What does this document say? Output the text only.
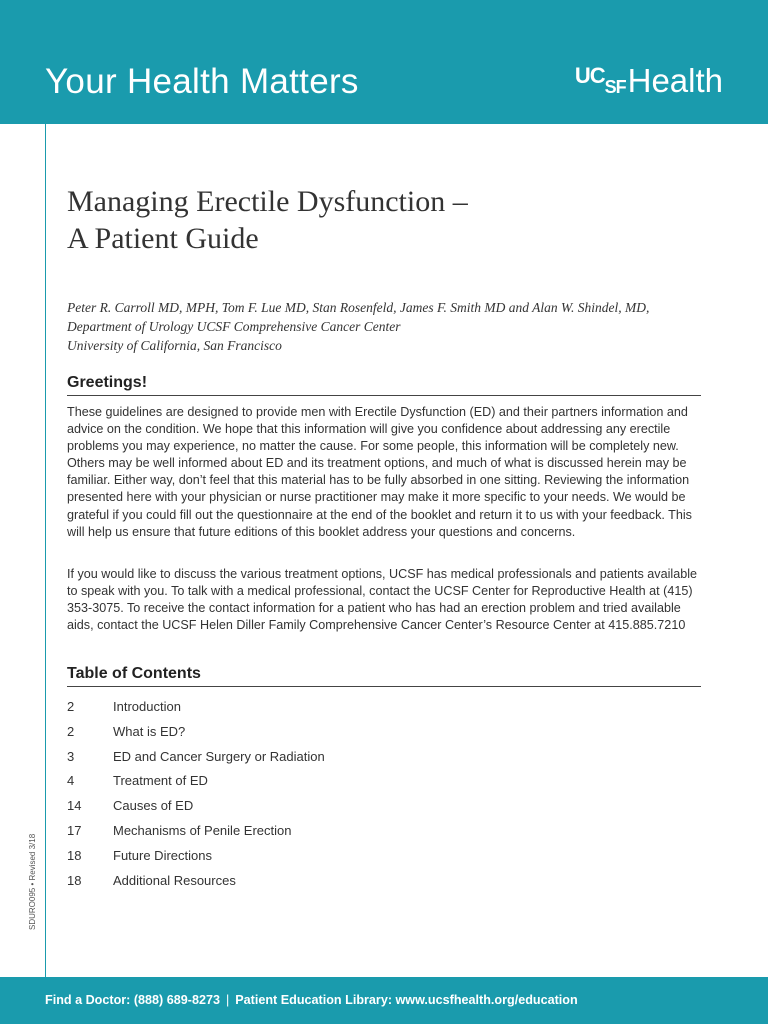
Your Health Matters	UC SF Health
SDURO095 • Revised 3/18
Managing Erectile Dysfunction –
A Patient Guide
Peter R. Carroll MD, MPH, Tom F. Lue MD, Stan Rosenfeld, James F. Smith MD and Alan W. Shindel, MD,
Department of Urology UCSF Comprehensive Cancer Center
University of California, San Francisco
Greetings!

These guidelines are designed to provide men with Erectile Dysfunction (ED) and their partners information and advice on the condition. We hope that this information will give you confidence about addressing any erectile problems you may experience, no matter the cause. For some people, this information will be completely new. Others may be well informed about ED and its treatment options, and much of what is discussed herein may be familiar. Either way, don’t feel that this material has to be fully absorbed in one sitting. Reviewing the information presented here with your physician or nurse practitioner may make it more specific to your needs. We would be grateful if you could fill out the questionnaire at the end of the booklet and return it to us with your feedback. This will help us ensure that future editions of this booklet address your questions and concerns.

If you would like to discuss the various treatment options, UCSF has medical professionals and patients available to speak with you. To talk with a medical professional, contact the UCSF Center for Reproductive Health at (415) 353-3075. To receive the contact information for a patient who has had an erection problem and tried available aids, contact the UCSF Helen Diller Family Comprehensive Cancer Center’s Resource Center at 415.885.7210

Table of Contents
2	Introduction
2	What is ED?
3	ED and Cancer Surgery or Radiation
4	Treatment of ED
14	Causes of ED
17	Mechanisms of Penile Erection
18	Future Directions
18	Additional Resources
Find a Doctor: (888) 689-8273 | Patient Education Library: www.ucsfhealth.org/education
